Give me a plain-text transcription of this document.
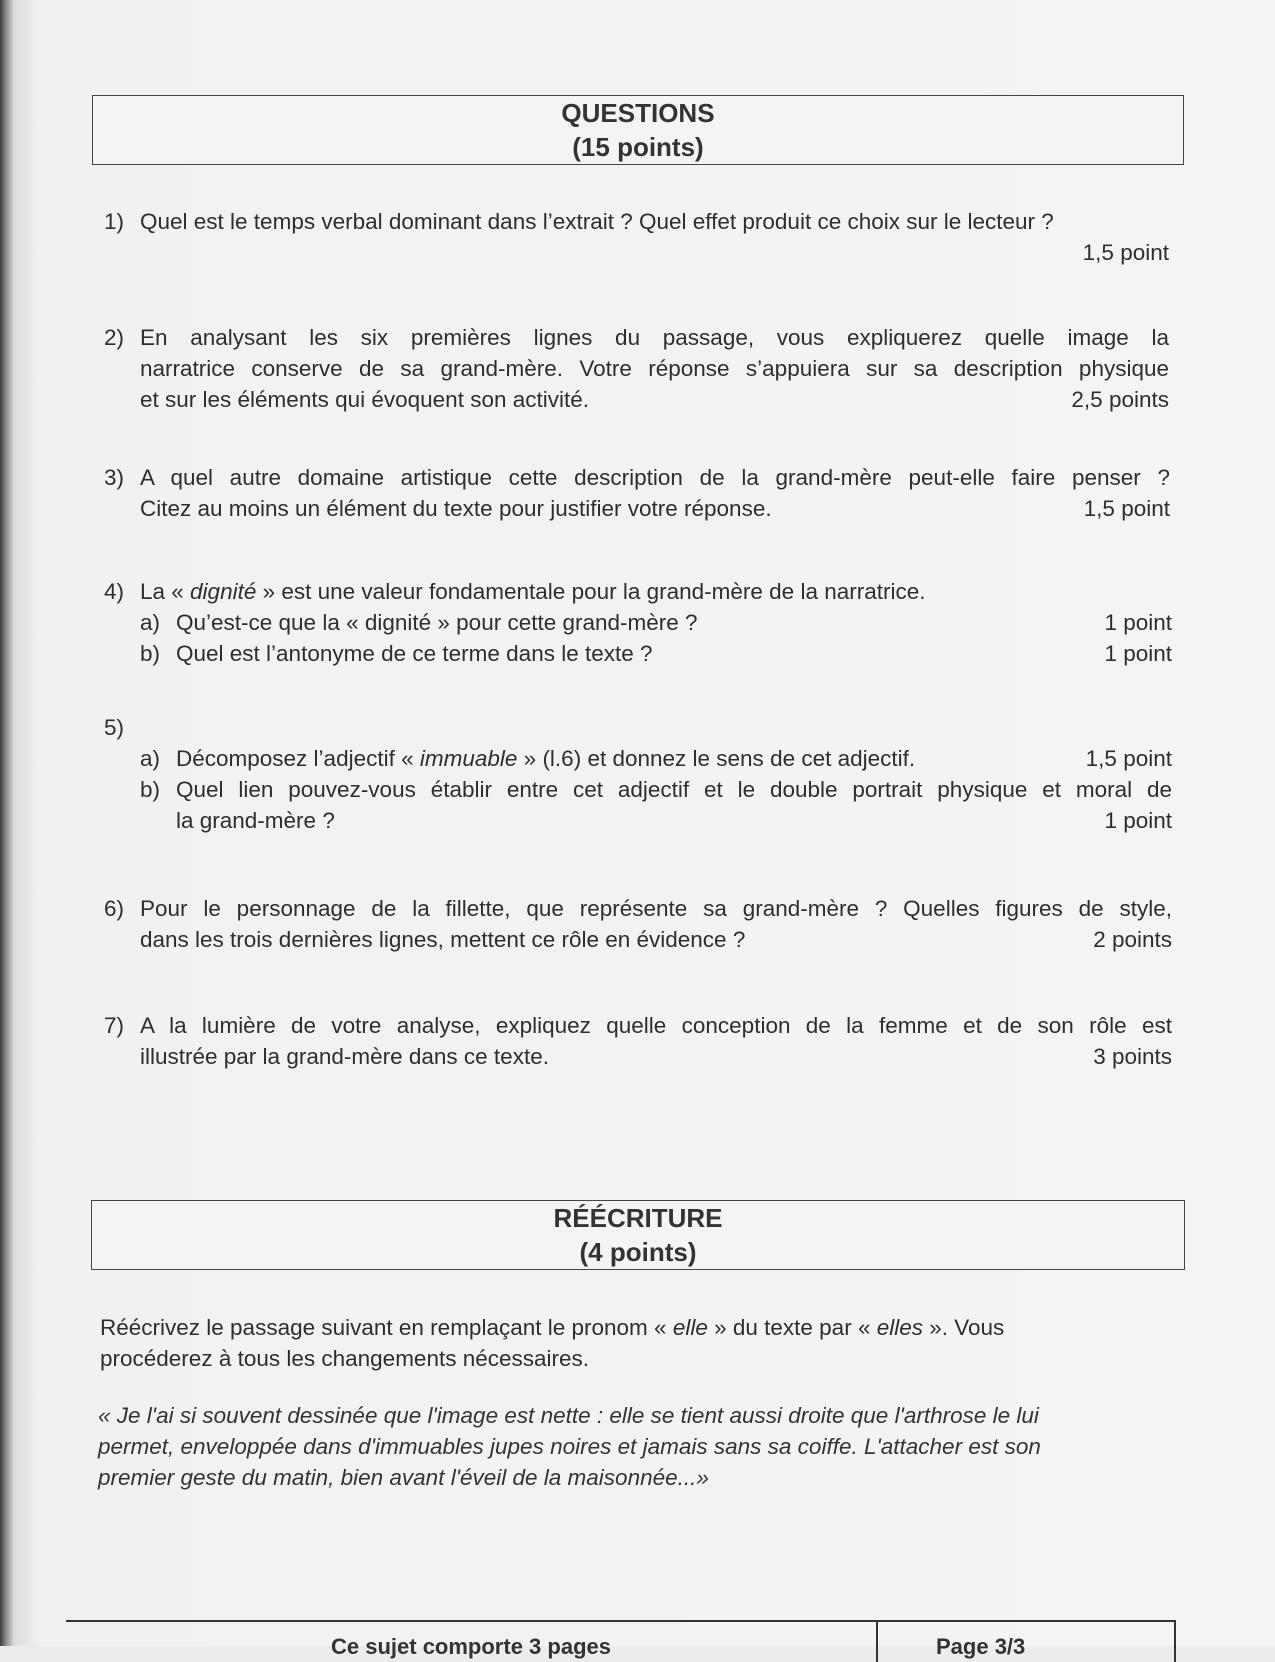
QUESTIONS
(15 points)
1) Quel est le temps verbal dominant dans l’extrait ? Quel effet produit ce choix sur le lecteur ?
1,5 point
2) En analysant les six premières lignes du passage, vous expliquerez quelle image la
narratrice conserve de sa grand-mère. Votre réponse s’appuiera sur sa description physique
et sur les éléments qui évoquent son activité.	2,5 points
3) A quel autre domaine artistique cette description de la grand-mère peut-elle faire penser ?
Citez au moins un élément du texte pour justifier votre réponse.	1,5 point
4) La « dignité » est une valeur fondamentale pour la grand-mère de la narratrice.
a) Qu’est-ce que la « dignité » pour cette grand-mère ?	1 point
b) Quel est l’antonyme de ce terme dans le texte ?	1 point
5)
a) Décomposez l’adjectif « immuable » (l.6) et donnez le sens de cet adjectif.	1,5 point
b) Quel lien pouvez-vous établir entre cet adjectif et le double portrait physique et moral de
la grand-mère ?	1 point
6) Pour le personnage de la fillette, que représente sa grand-mère ? Quelles figures de style,
dans les trois dernières lignes, mettent ce rôle en évidence ?	2 points
7) A la lumière de votre analyse, expliquez quelle conception de la femme et de son rôle est
illustrée par la grand-mère dans ce texte.	3 points
RÉÉCRITURE
(4 points)
Réécrivez le passage suivant en remplaçant le pronom « elle » du texte par « elles ». Vous
procéderez à tous les changements nécessaires.
« Je l'ai si souvent dessinée que l'image est nette : elle se tient aussi droite que l'arthrose le lui
permet, enveloppée dans d'immuables jupes noires et jamais sans sa coiffe. L'attacher est son
premier geste du matin, bien avant l'éveil de la maisonnée...»
Ce sujet comporte 3 pages	Page 3/3
